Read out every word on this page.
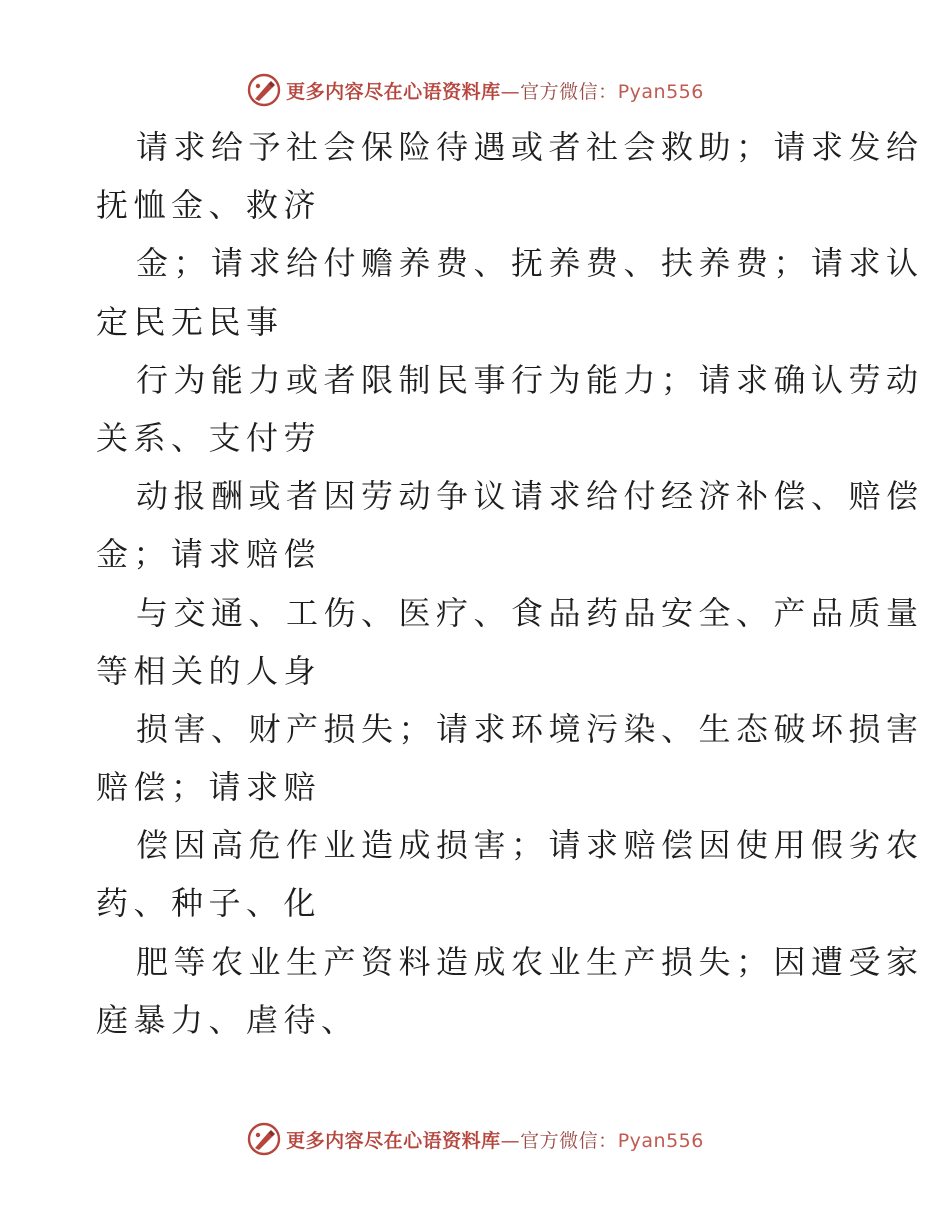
更多内容尽在心语资料库—官方微信：Pyan556

请求给予社会保险待遇或者社会救助；请求发给

抚恤金、救济

金；请求给付赡养费、抚养费、扶养费；请求认

定民无民事

行为能力或者限制民事行为能力；请求确认劳动

关系、支付劳

动报酬或者因劳动争议请求给付经济补偿、赔偿

金；请求赔偿

与交通、工伤、医疗、食品药品安全、产品质量

等相关的人身

损害、财产损失；请求环境污染、生态破坏损害

赔偿；请求赔

偿因高危作业造成损害；请求赔偿因使用假劣农

药、种子、化

肥等农业生产资料造成农业生产损失；因遭受家

庭暴力、虐待、

更多内容尽在心语资料库—官方微信：Pyan556
